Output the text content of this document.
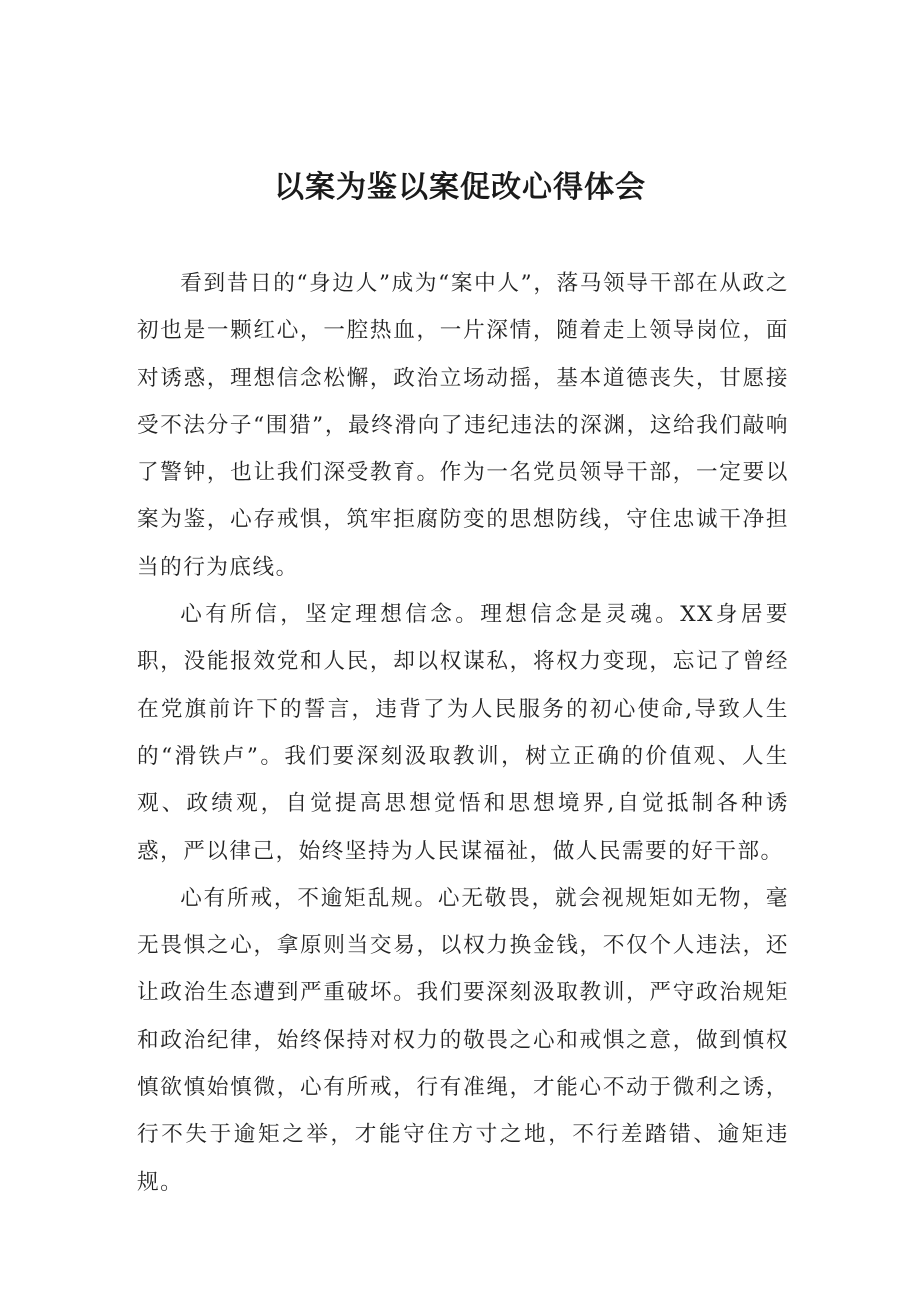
以案为鉴以案促改心得体会

看到昔日的“身边人”成为“案中人”，落马领导干部在从政之初也是一颗红心，一腔热血，一片深情，随着走上领导岗位，面对诱惑，理想信念松懈，政治立场动摇，基本道德丧失，甘愿接受不法分子“围猎”，最终滑向了违纪违法的深渊，这给我们敲响了警钟，也让我们深受教育。作为一名党员领导干部，一定要以案为鉴，心存戒惧，筑牢拒腐防变的思想防线，守住忠诚干净担当的行为底线。

心有所信，坚定理想信念。理想信念是灵魂。XX身居要职，没能报效党和人民，却以权谋私，将权力变现，忘记了曾经在党旗前许下的誓言，违背了为人民服务的初心使命,导致人生的“滑铁卢”。我们要深刻汲取教训，树立正确的价值观、人生观、政绩观，自觉提高思想觉悟和思想境界,自觉抵制各种诱惑，严以律己，始终坚持为人民谋福祉，做人民需要的好干部。

心有所戒，不逾矩乱规。心无敬畏，就会视规矩如无物，毫无畏惧之心，拿原则当交易，以权力换金钱，不仅个人违法，还让政治生态遭到严重破坏。我们要深刻汲取教训，严守政治规矩和政治纪律，始终保持对权力的敬畏之心和戒惧之意，做到慎权慎欲慎始慎微，心有所戒，行有准绳，才能心不动于微利之诱，行不失于逾矩之举，才能守住方寸之地，不行差踏错、逾矩违规。
